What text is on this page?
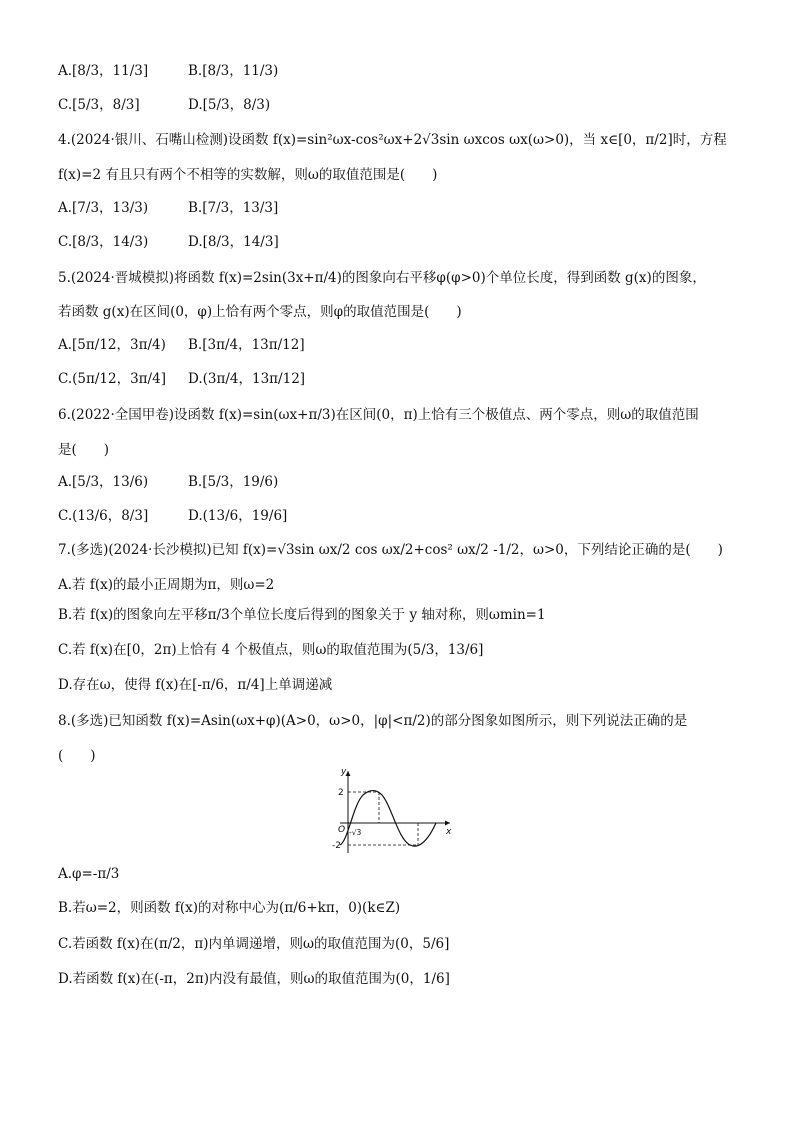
A.[8/3，11/3]	B.[8/3，11/3)
C.[5/3，8/3]	D.[5/3，8/3)
4.(2024·银川、石嘴山检测)设函数 f(x)=sin²ωx-cos²ωx+2√3sin ωxcos ωx(ω>0)，当 x∈[0，π/2]时，方程
f(x)=2 有且只有两个不相等的实数解，则ω的取值范围是(　　)
A.[7/3，13/3)	B.[7/3，13/3]
C.[8/3，14/3)	D.[8/3，14/3]
5.(2024·晋城模拟)将函数 f(x)=2sin(3x+π/4)的图象向右平移φ(φ>0)个单位长度，得到函数 g(x)的图象，
若函数 g(x)在区间(0，φ)上恰有两个零点，则φ的取值范围是(　　)
A.[5π/12，3π/4) B.[3π/4，13π/12]
C.(5π/12，3π/4] D.(3π/4，13π/12]
6.(2022·全国甲卷)设函数 f(x)=sin(ωx+π/3)在区间(0，π)上恰有三个极值点、两个零点，则ω的取值范围
是(　　)
A.[5/3，13/6)	B.[5/3，19/6)
C.(13/6，8/3]	D.(13/6，19/6]
7.(多选)(2024·长沙模拟)已知 f(x)=√3sin ωx/2 cos ωx/2+cos² ωx/2 -1/2，ω>0，下列结论正确的是(　　)
A.若 f(x)的最小正周期为π，则ω=2
B.若 f(x)的图象向左平移π/3个单位长度后得到的图象关于 y 轴对称，则ωmin=1
C.若 f(x)在[0，2π)上恰有 4 个极值点，则ω的取值范围为(5/3，13/6]
D.存在ω，使得 f(x)在[-π/6，π/4]上单调递减
8.(多选)已知函数 f(x)=Asin(ωx+φ)(A>0，ω>0，|φ|<π/2)的部分图象如图所示，则下列说法正确的是
(　　)
y
x
O
2
-2
-√3
A.φ=-π/3
B.若ω=2，则函数 f(x)的对称中心为(π/6+kπ，0)(k∈Z)
C.若函数 f(x)在(π/2，π)内单调递增，则ω的取值范围为(0，5/6]
D.若函数 f(x)在(-π，2π)内没有最值，则ω的取值范围为(0，1/6]
